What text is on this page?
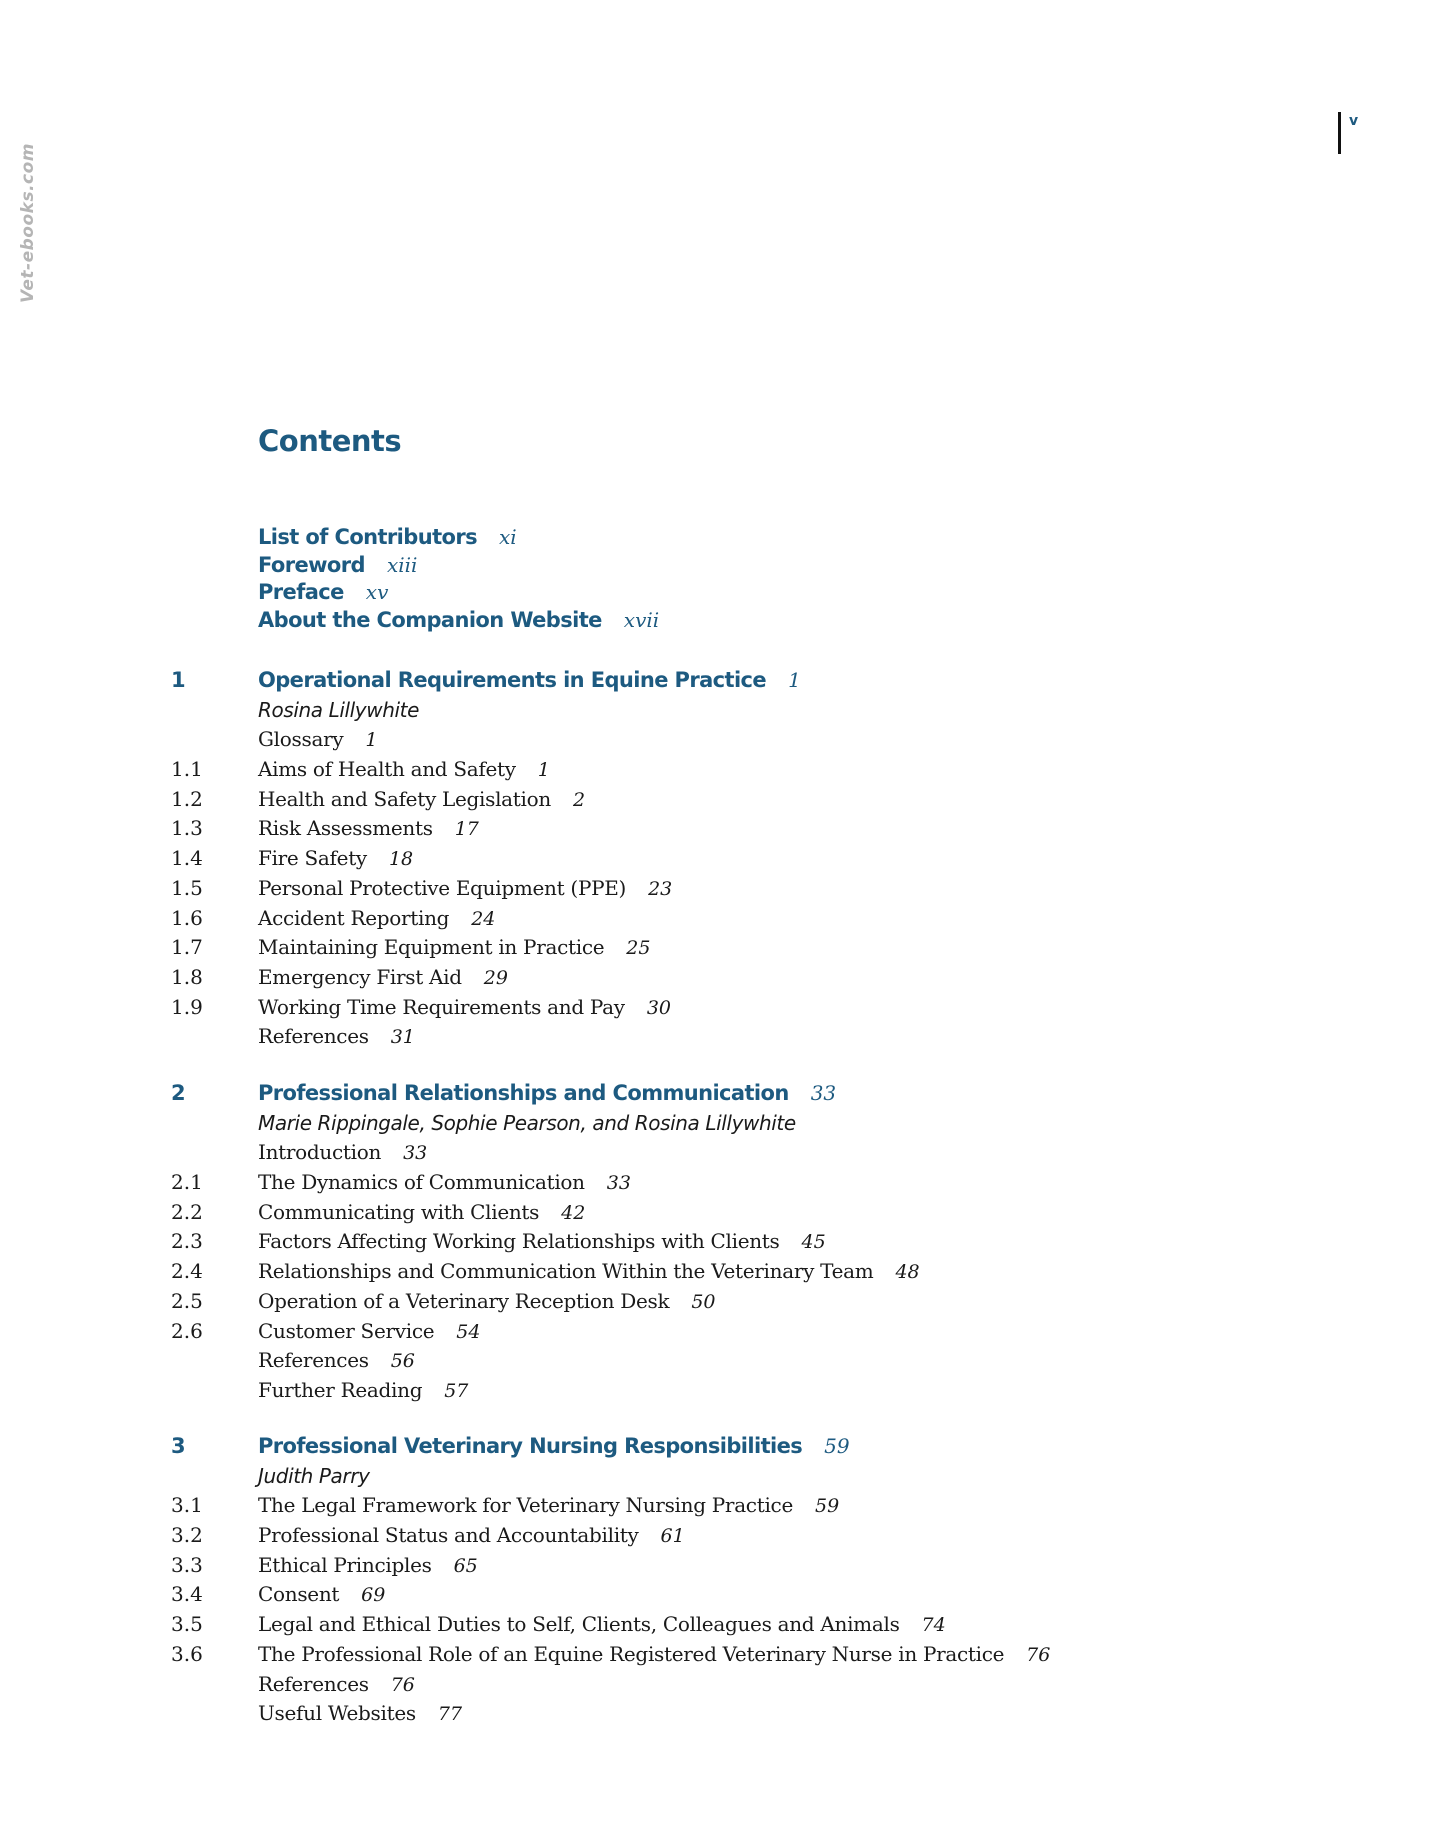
Vet-ebooks.com
v
Contents
List of Contributors xi
Foreword xiii
Preface xv
About the Companion Website xvii
1	Operational Requirements in Equine Practice 1
Rosina Lillywhite
Glossary 1
1.1	Aims of Health and Safety 1
1.2	Health and Safety Legislation 2
1.3	Risk Assessments 17
1.4	Fire Safety 18
1.5	Personal Protective Equipment (PPE) 23
1.6	Accident Reporting 24
1.7	Maintaining Equipment in Practice 25
1.8	Emergency First Aid 29
1.9	Working Time Requirements and Pay 30
References 31
2	Professional Relationships and Communication 33
Marie Rippingale, Sophie Pearson, and Rosina Lillywhite
Introduction 33
2.1	The Dynamics of Communication 33
2.2	Communicating with Clients 42
2.3	Factors Affecting Working Relationships with Clients 45
2.4	Relationships and Communication Within the Veterinary Team 48
2.5	Operation of a Veterinary Reception Desk 50
2.6	Customer Service 54
References 56
Further Reading 57
3	Professional Veterinary Nursing Responsibilities 59
Judith Parry
3.1	The Legal Framework for Veterinary Nursing Practice 59
3.2	Professional Status and Accountability 61
3.3	Ethical Principles 65
3.4	Consent 69
3.5	Legal and Ethical Duties to Self, Clients, Colleagues and Animals 74
3.6	The Professional Role of an Equine Registered Veterinary Nurse in Practice 76
References 76
Useful Websites 77
